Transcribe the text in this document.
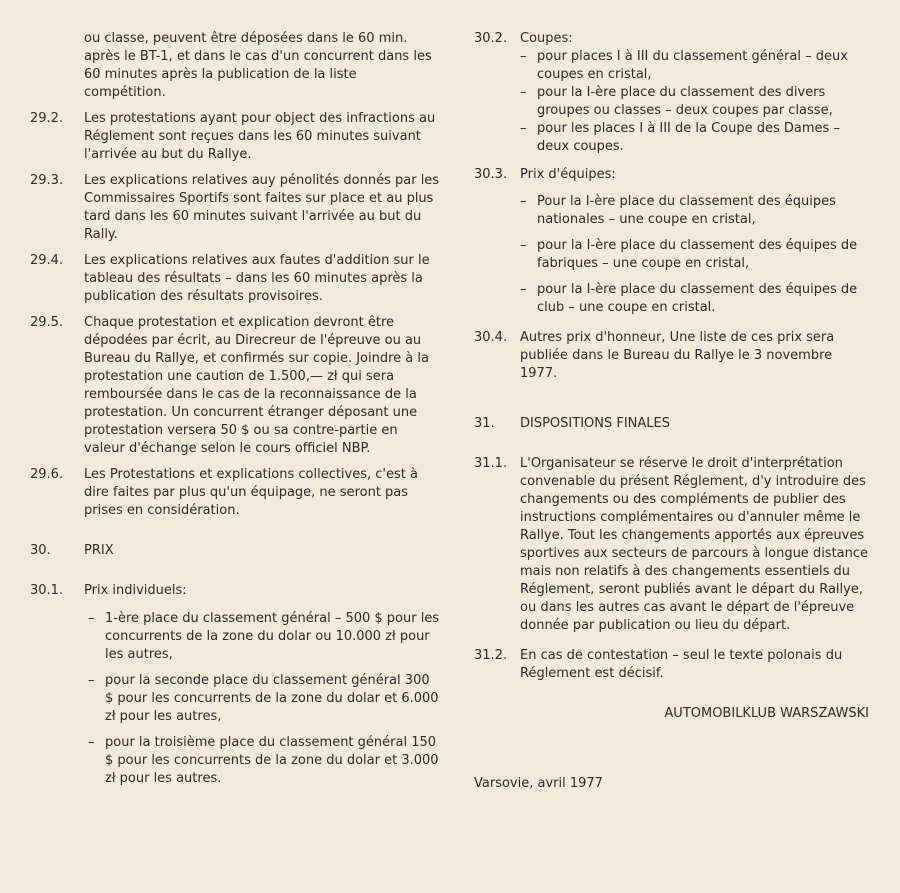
ou classe, peuvent être déposées dans le 60 min. après le BT-1, et dans le cas d'un concurrent dans les 60 minutes après la publication de la liste compétition.
29.2. Les protestations ayant pour object des infractions au Réglement sont reçues dans les 60 minutes suivant l'arrivée au but du Rallye.
29.3. Les explications relatives auy pénolités donnés par les Commissaires Sportifs sont faites sur place et au plus tard dans les 60 minutes suivant l'arrivée au but du Rally.
29.4. Les explications relatives aux fautes d'addition sur le tableau des résultats – dans les 60 minutes après la publication des résultats provisoires.
29.5. Chaque protestation et explication devront être dépodées par écrit, au Direcreur de l'épreuve ou au Bureau du Rallye, et confirmés sur copie. Joindre à la protestation une caution de 1.500,— zł qui sera remboursée dans le cas de la reconnaissance de la protestation. Un concurrent étranger déposant une protestation versera 50 $ ou sa contre-partie en valeur d'échange selon le cours officiel NBP.
29.6. Les Protestations et explications collectives, c'est à dire faites par plus qu'un équipage, ne seront pas prises en considération.
30.	PRIX
30.1. Prix individuels:
– 1-ère place du classement général – 500 $ pour les concurrents de la zone du dolar ou 10.000 zł pour les autres,
– pour la seconde place du classement général 300 $ pour les concurrents de la zone du dolar et 6.000 zł pour les autres,
– pour la troisième place du classement général 150 $ pour les concurrents de la zone du dolar et 3.000 zł pour les autres.
30.2. Coupes:
– pour places I à III du classement général – deux coupes en cristal,
– pour la I-ère place du classement des divers groupes ou classes – deux coupes par classe,
– pour les places I à III de la Coupe des Dames – deux coupes.
30.3. Prix d'équipes:
– Pour la I-ère place du classement des équipes nationales – une coupe en cristal,
– pour la I-ère place du classement des équipes de fabriques – une coupe en cristal,
– pour la I-ère place du classement des équipes de club – une coupe en cristal.
30.4. Autres prix d'honneur, Une liste de ces prix sera publiée dans le Bureau du Rallye le 3 novembre 1977.
31. DISPOSITIONS FINALES
31.1. L'Organisateur se réserve le droit d'interprétation convenable du présent Réglement, d'y introduire des changements ou des compléments de publier des instructions complémentaires ou d'annuler même le Rallye. Tout les changements apportés aux épreuves sportives aux secteurs de parcours à longue distance mais non relatifs à des changements essentiels du Réglement, seront publiés avant le départ du Rallye, ou dans les autres cas avant le départ de l'épreuve donnée par publication ou lieu du départ.
31.2. En cas de contestation – seul le texte polonais du Réglement est décisif.
AUTOMOBILKLUB WARSZAWSKI
Varsovie, avril 1977
